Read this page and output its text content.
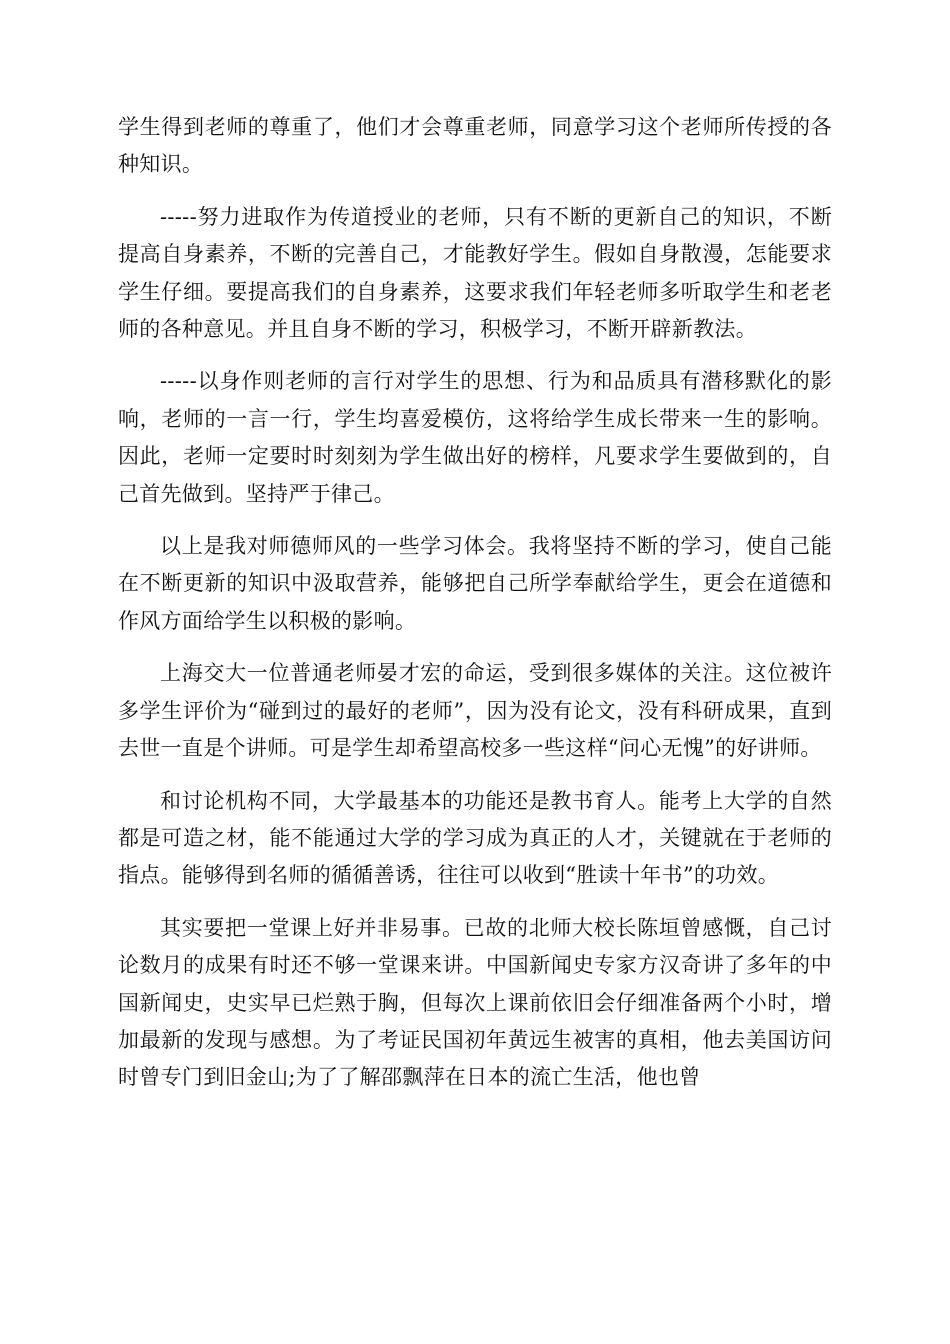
学生得到老师的尊重了，他们才会尊重老师，同意学习这个老师所传授的各种知识。

-----努力进取作为传道授业的老师，只有不断的更新自己的知识，不断提高自身素养，不断的完善自己，才能教好学生。假如自身散漫，怎能要求学生仔细。要提高我们的自身素养，这要求我们年轻老师多听取学生和老老师的各种意见。并且自身不断的学习，积极学习，不断开辟新教法。

-----以身作则老师的言行对学生的思想、行为和品质具有潜移默化的影响，老师的一言一行，学生均喜爱模仿，这将给学生成长带来一生的影响。因此，老师一定要时时刻刻为学生做出好的榜样，凡要求学生要做到的，自己首先做到。坚持严于律己。

以上是我对师德师风的一些学习体会。我将坚持不断的学习，使自己能在不断更新的知识中汲取营养，能够把自己所学奉献给学生，更会在道德和作风方面给学生以积极的影响。

上海交大一位普通老师晏才宏的命运，受到很多媒体的关注。这位被许多学生评价为“碰到过的最好的老师”，因为没有论文，没有科研成果，直到去世一直是个讲师。可是学生却希望高校多一些这样“问心无愧”的好讲师。

和讨论机构不同，大学最基本的功能还是教书育人。能考上大学的自然都是可造之材，能不能通过大学的学习成为真正的人才，关键就在于老师的指点。能够得到名师的循循善诱，往往可以收到“胜读十年书”的功效。

其实要把一堂课上好并非易事。已故的北师大校长陈垣曾感慨，自己讨论数月的成果有时还不够一堂课来讲。中国新闻史专家方汉奇讲了多年的中国新闻史，史实早已烂熟于胸，但每次上课前依旧会仔细准备两个小时，增加最新的发现与感想。为了考证民国初年黄远生被害的真相，他去美国访问时曾专门到旧金山;为了了解邵飘萍在日本的流亡生活，他也曾
